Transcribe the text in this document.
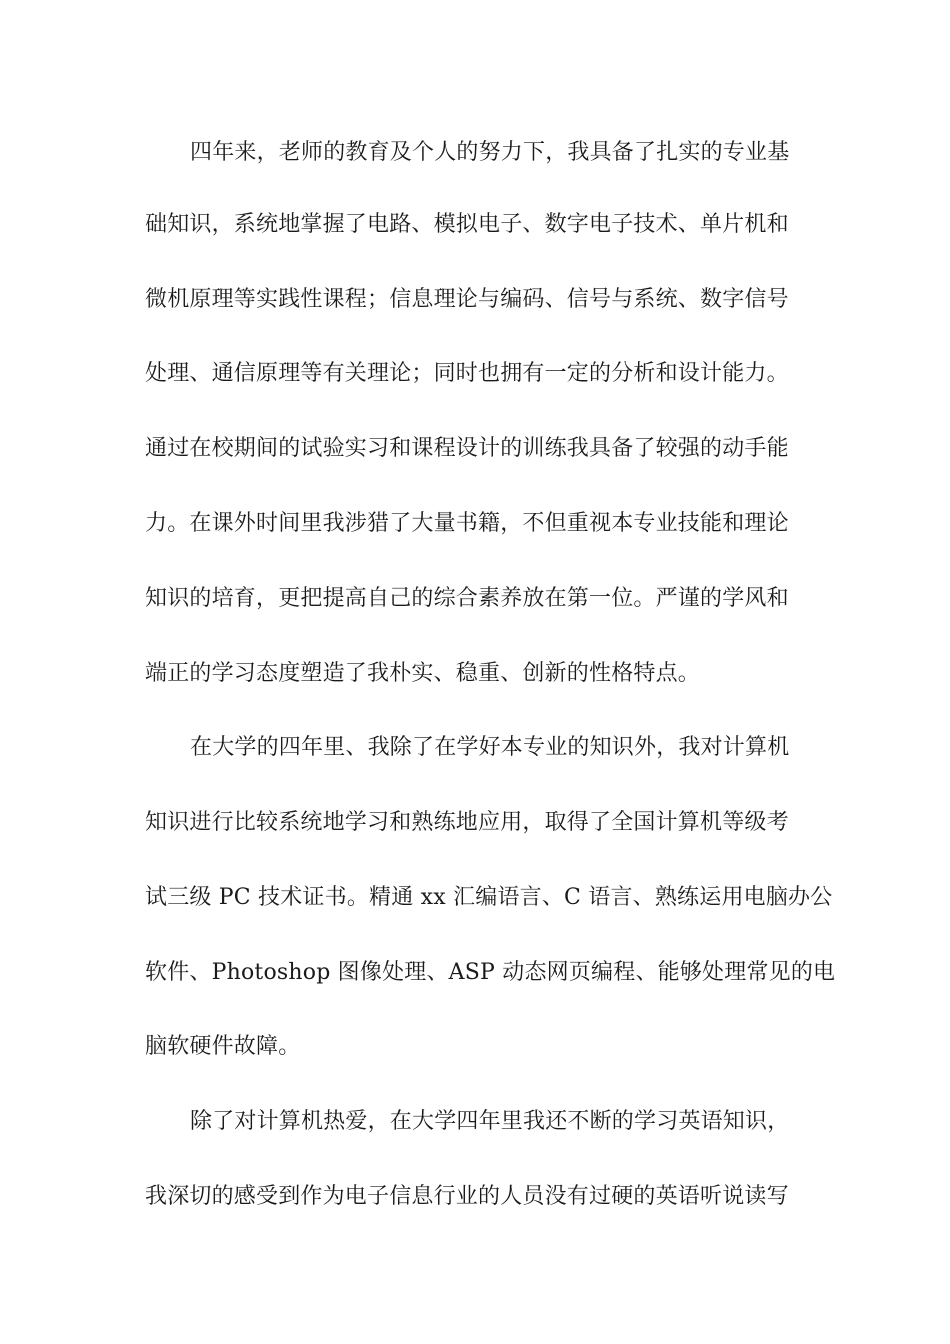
四年来，老师的教育及个人的努力下，我具备了扎实的专业基
础知识，系统地掌握了电路、模拟电子、数字电子技术、单片机和
微机原理等实践性课程；信息理论与编码、信号与系统、数字信号
处理、通信原理等有关理论；同时也拥有一定的分析和设计能力。
通过在校期间的试验实习和课程设计的训练我具备了较强的动手能
力。在课外时间里我涉猎了大量书籍，不但重视本专业技能和理论
知识的培育，更把提高自己的综合素养放在第一位。严谨的学风和
端正的学习态度塑造了我朴实、稳重、创新的性格特点。
在大学的四年里、我除了在学好本专业的知识外，我对计算机
知识进行比较系统地学习和熟练地应用，取得了全国计算机等级考
试三级 PC 技术证书。精通 xx 汇编语言、C 语言、熟练运用电脑办公
软件、Photoshop 图像处理、ASP 动态网页编程、能够处理常见的电
脑软硬件故障。
除了对计算机热爱，在大学四年里我还不断的学习英语知识，
我深切的感受到作为电子信息行业的人员没有过硬的英语听说读写
